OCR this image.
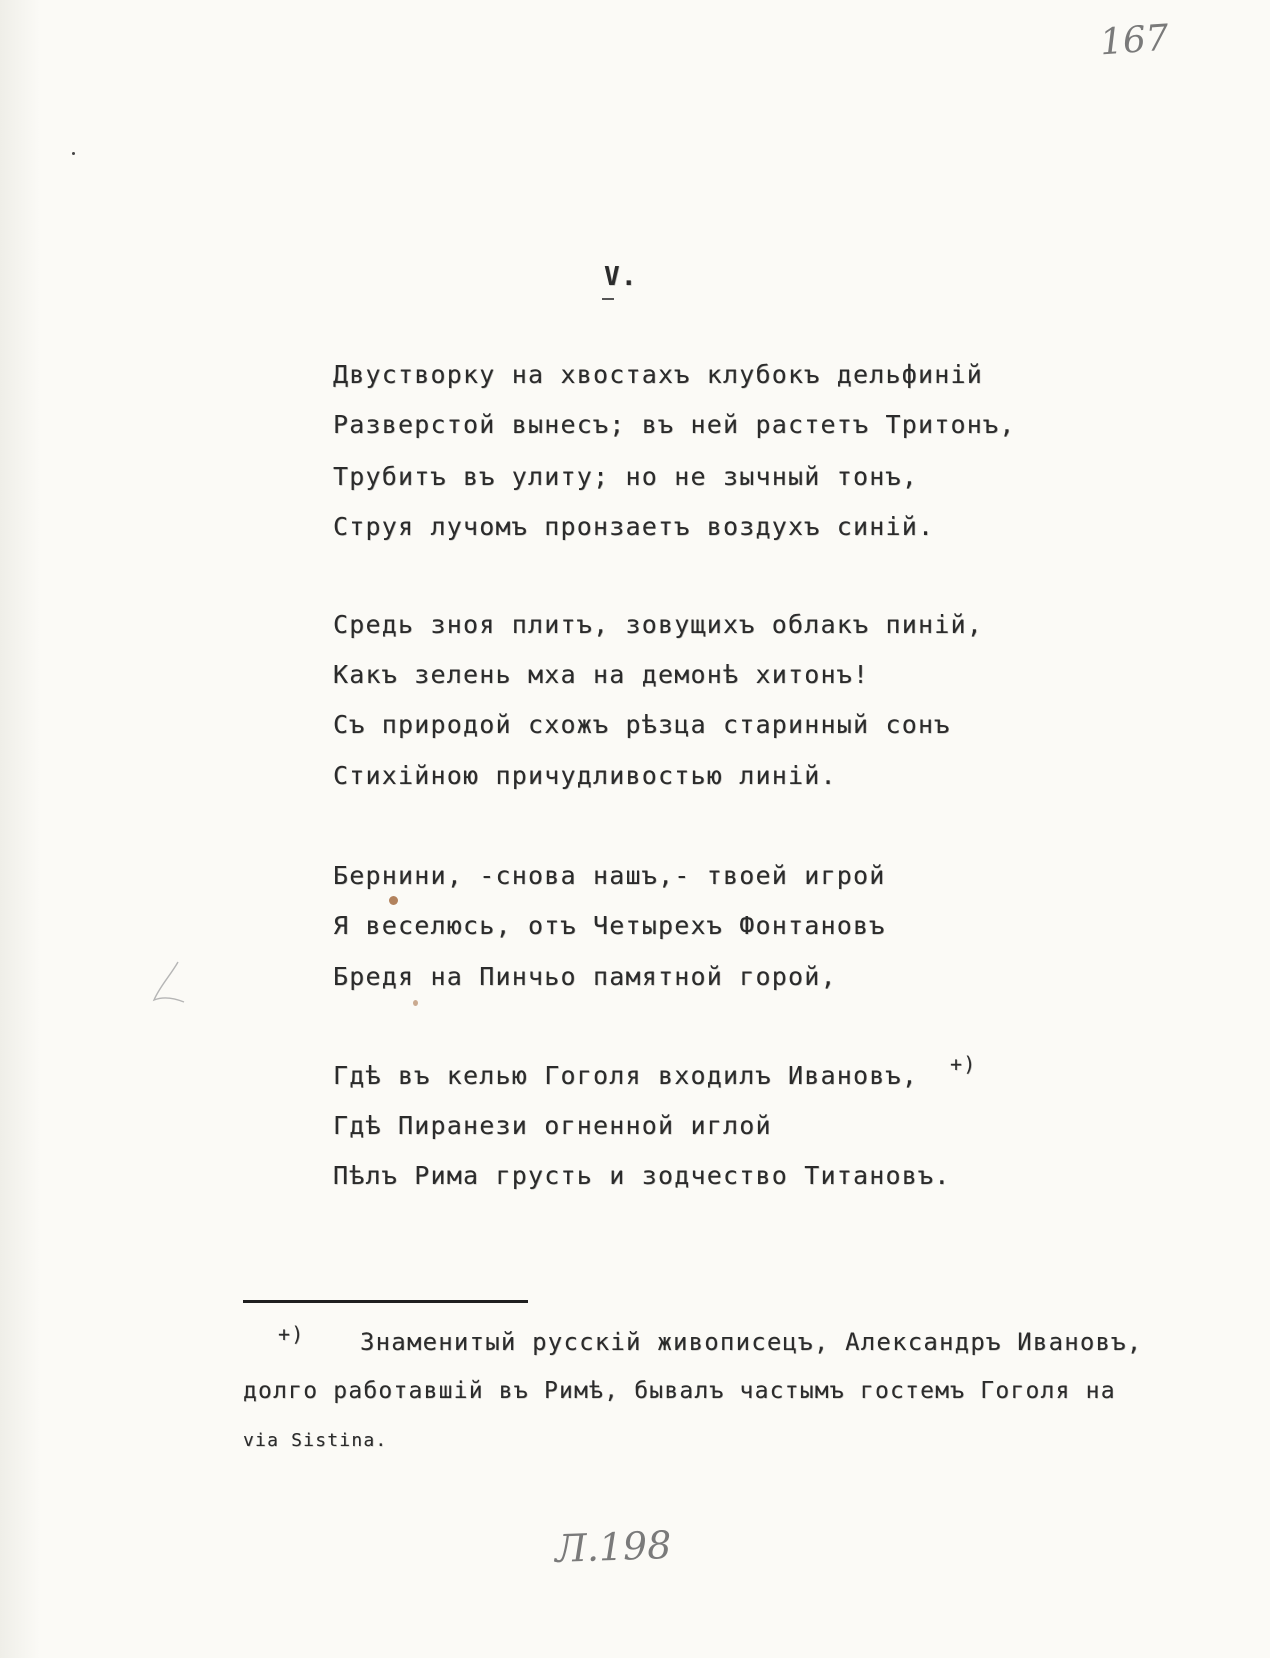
167
V.
Двустворку на хвостахъ клубокъ дельфиній
Разверстой вынесъ; въ ней растетъ Тритонъ,
Трубитъ въ улиту; но не зычный тонъ,
Струя лучомъ пронзаетъ воздухъ синій.
Средь зноя плитъ, зовущихъ облакъ пиній,
Какъ зелень мха на демонѣ хитонъ!
Съ природой схожъ рѣзца старинный сонъ
Стихійною причудливостью линій.
Бернини, -снова нашъ,- твоей игрой
Я веселюсь, отъ Четырехъ Фонтановъ
Бредя на Пинчьо памятной горой,
Гдѣ въ келью Гоголя входилъ Ивановъ, +)
Гдѣ Пиранези огненной иглой
Пѣлъ Рима грусть и зодчество Титановъ.
+) Знаменитый русскій живописецъ, Александръ Ивановъ,
долго работавшій въ Римѣ, бывалъ частымъ гостемъ Гоголя на
via Sistina.
Л.198
